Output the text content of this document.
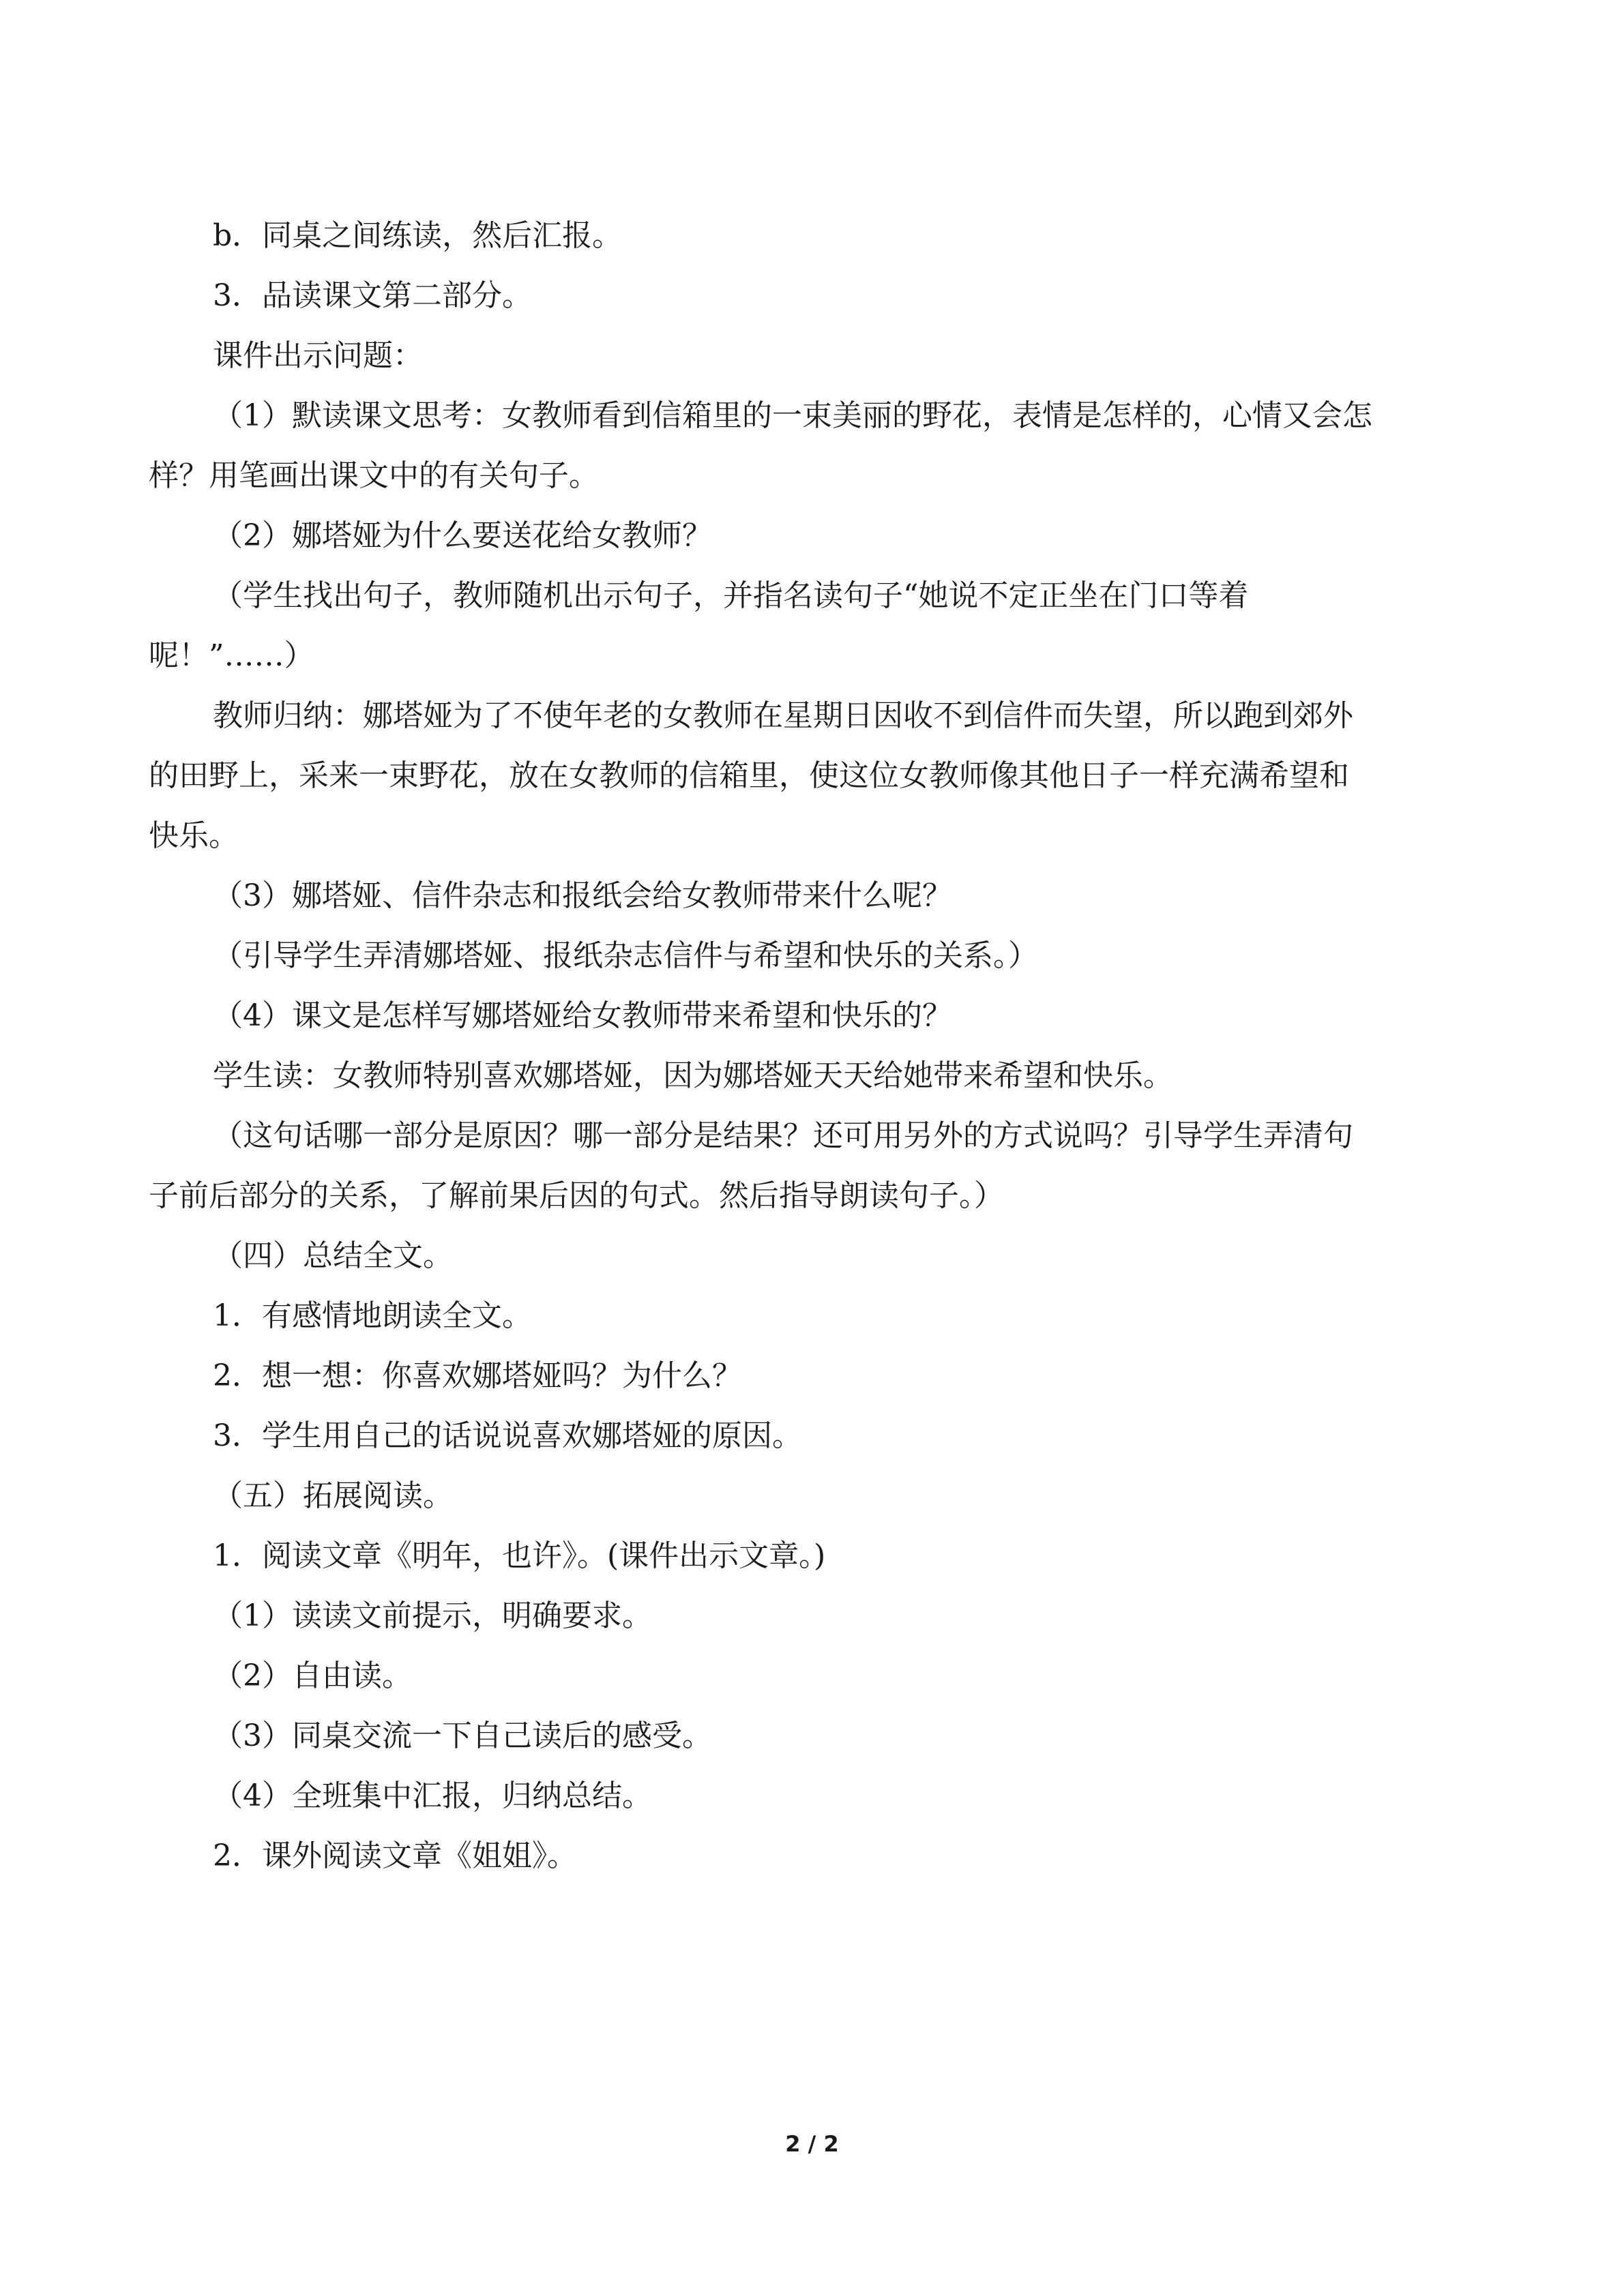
b．同桌之间练读，然后汇报。

3．品读课文第二部分。

课件出示问题：

（1）默读课文思考：女教师看到信箱里的一束美丽的野花，表情是怎样的，心情又会怎
样？用笔画出课文中的有关句子。

（2）娜塔娅为什么要送花给女教师？

（学生找出句子，教师随机出示句子，并指名读句子“她说不定正坐在门口等着
呢！”……）

教师归纳：娜塔娅为了不使年老的女教师在星期日因收不到信件而失望，所以跑到郊外
的田野上，采来一束野花，放在女教师的信箱里，使这位女教师像其他日子一样充满希望和
快乐。

（3）娜塔娅、信件杂志和报纸会给女教师带来什么呢？

（引导学生弄清娜塔娅、报纸杂志信件与希望和快乐的关系。）

（4）课文是怎样写娜塔娅给女教师带来希望和快乐的？

学生读：女教师特别喜欢娜塔娅，因为娜塔娅天天给她带来希望和快乐。

（这句话哪一部分是原因？哪一部分是结果？还可用另外的方式说吗？引导学生弄清句
子前后部分的关系，了解前果后因的句式。然后指导朗读句子。）

（四）总结全文。

1．有感情地朗读全文。

2．想一想：你喜欢娜塔娅吗？为什么？

3．学生用自己的话说说喜欢娜塔娅的原因。

（五）拓展阅读。

1．阅读文章《明年，也许》。(课件出示文章。)

（1）读读文前提示，明确要求。

（2）自由读。

（3）同桌交流一下自己读后的感受。

（4）全班集中汇报，归纳总结。

2．课外阅读文章《姐姐》。

2 / 2
